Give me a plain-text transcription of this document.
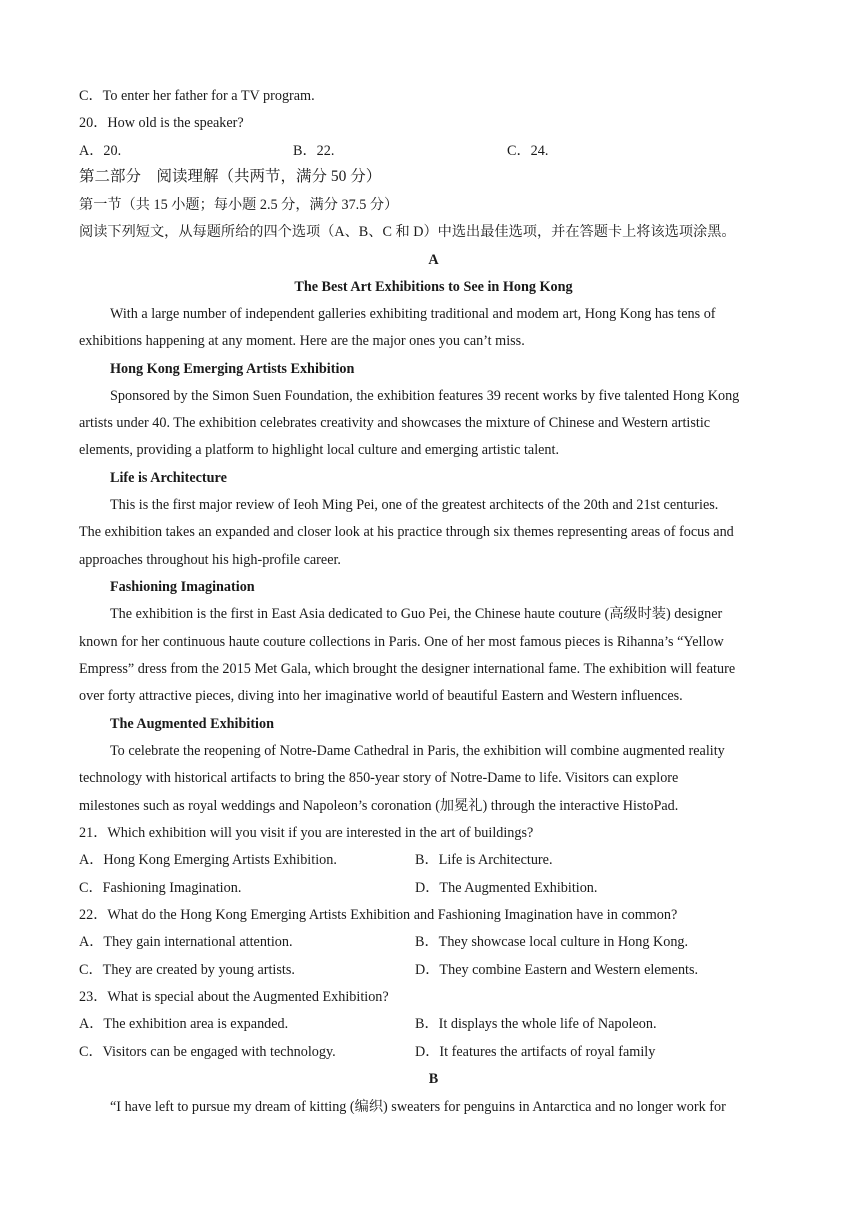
C．To enter her father for a TV program.
20．How old is the speaker?
A．20.	B．22.	C．24.
第二部分　阅读理解（共两节，满分 50 分）
第一节（共 15 小题；每小题 2.5 分，满分 37.5 分）
阅读下列短文，从每题所给的四个选项（A、B、C 和 D）中选出最佳选项，并在答题卡上将该选项涂黑。
A
The Best Art Exhibitions to See in Hong Kong
With a large number of independent galleries exhibiting traditional and modem art, Hong Kong has tens of
exhibitions happening at any moment. Here are the major ones you can’t miss.
Hong Kong Emerging Artists Exhibition
Sponsored by the Simon Suen Foundation, the exhibition features 39 recent works by five talented Hong Kong
artists under 40. The exhibition celebrates creativity and showcases the mixture of Chinese and Western artistic
elements, providing a platform to highlight local culture and emerging artistic talent.
Life is Architecture
This is the first major review of Ieoh Ming Pei, one of the greatest architects of the 20th and 21st centuries.
The exhibition takes an expanded and closer look at his practice through six themes representing areas of focus and
approaches throughout his high-profile career.
Fashioning Imagination
The exhibition is the first in East Asia dedicated to Guo Pei, the Chinese haute couture (高级时装) designer
known for her continuous haute couture collections in Paris. One of her most famous pieces is Rihanna’s “Yellow
Empress” dress from the 2015 Met Gala, which brought the designer international fame. The exhibition will feature
over forty attractive pieces, diving into her imaginative world of beautiful Eastern and Western influences.
The Augmented Exhibition
To celebrate the reopening of Notre-Dame Cathedral in Paris, the exhibition will combine augmented reality
technology with historical artifacts to bring the 850-year story of Notre-Dame to life. Visitors can explore
milestones such as royal weddings and Napoleon’s coronation (加冕礼) through the interactive HistoPad.
21．Which exhibition will you visit if you are interested in the art of buildings?
A．Hong Kong Emerging Artists Exhibition.	B．Life is Architecture.
C．Fashioning Imagination.	D．The Augmented Exhibition.
22．What do the Hong Kong Emerging Artists Exhibition and Fashioning Imagination have in common?
A．They gain international attention.	B．They showcase local culture in Hong Kong.
C．They are created by young artists.	D．They combine Eastern and Western elements.
23．What is special about the Augmented Exhibition?
A．The exhibition area is expanded.	B．It displays the whole life of Napoleon.
C．Visitors can be engaged with technology.	D．It features the artifacts of royal family
B
“I have left to pursue my dream of kitting (编织) sweaters for penguins in Antarctica and no longer work for
